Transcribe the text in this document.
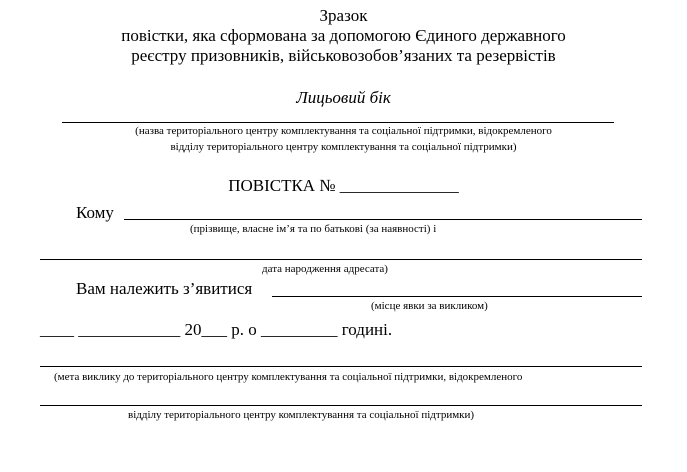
Зразок
повістки, яка сформована за допомогою Єдиного державного
реєстру призовників, військовозобов’язаних та резервістів
Лицьовий бік
(назва територіального центру комплектування та соціальної підтримки, відокремленого
відділу територіального центру комплектування та соціальної підтримки)
ПОВІСТКА № ______________
Кому
(прізвище, власне ім’я та по батькові (за наявності) і
дата народження адресата)
Вам належить з’явитися
(місце явки за викликом)
____ ____________ 20___ р. о _________ годині.
(мета виклику до територіального центру комплектування та соціальної підтримки, відокремленого
відділу територіального центру комплектування та соціальної підтримки)
